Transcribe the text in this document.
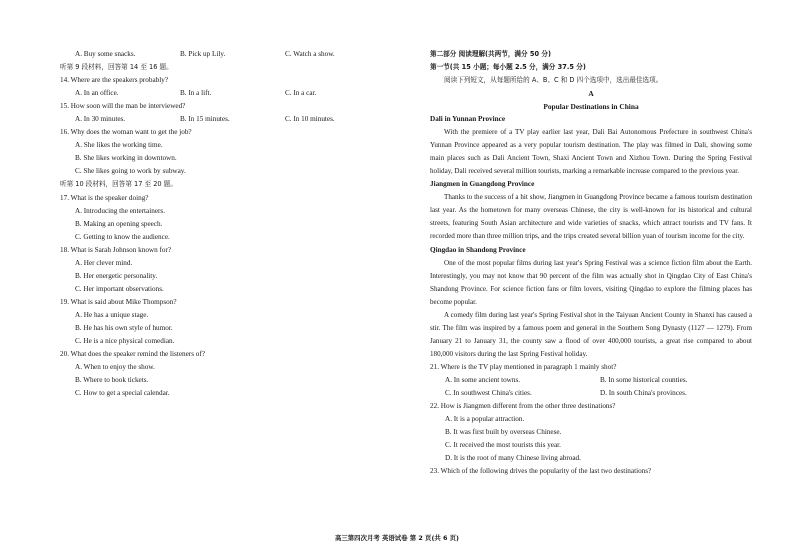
A. Buy some snacks.	B. Pick up Lily.	C. Watch a show.
听第 9 段材料，回答第 14 至 16 题。
14. Where are the speakers probably?
A. In an office.	B. In a lift.	C. In a car.
15. How soon will the man be interviewed?
A. In 30 minutes.	B. In 15 minutes.	C. In 10 minutes.
16. Why does the woman want to get the job?
A. She likes the working time.
B. She likes working in downtown.
C. She likes going to work by subway.
听第 10 段材料，回答第 17 至 20 题。
17. What is the speaker doing?
A. Introducing the entertainers.
B. Making an opening speech.
C. Getting to know the audience.
18. What is Sarah Johnson known for?
A. Her clever mind.
B. Her energetic personality.
C. Her important observations.
19. What is said about Mike Thompson?
A. He has a unique stage.
B. He has his own style of humor.
C. He is a nice physical comedian.
20. What does the speaker remind the listeners of?
A. When to enjoy the show.
B. Where to book tickets.
C. How to get a special calendar.
第二部分 阅读理解(共两节，满分 50 分)
第一节(共 15 小题；每小题 2.5 分，满分 37.5 分)
阅读下列短文，从每题所给的 A、B、C 和 D 四个选项中，选出最佳选项。
A
Popular Destinations in China
Dali in Yunnan Province
With the premiere of a TV play earlier last year, Dali Bai Autonomous Prefecture in southwest China's Yunnan Province appeared as a very popular tourism destination. The play was filmed in Dali, showing some main places such as Dali Ancient Town, Shaxi Ancient Town and Xizhou Town. During the Spring Festival holiday, Dali received several million tourists, marking a remarkable increase compared to the previous year.
Jiangmen in Guangdong Province
Thanks to the success of a hit show, Jiangmen in Guangdong Province became a famous tourism destination last year. As the hometown for many overseas Chinese, the city is well-known for its historical and cultural streets, featuring South Asian architecture and wide varieties of snacks, which attract tourists and TV fans. It recorded more than three million trips, and the trips created several billion yuan of tourism income for the city.
Qingdao in Shandong Province
One of the most popular films during last year's Spring Festival was a science fiction film about the Earth. Interestingly, you may not know that 90 percent of the film was actually shot in Qingdao City of East China's Shandong Province. For science fiction fans or film lovers, visiting Qingdao to explore the filming places has become popular.
A comedy film during last year's Spring Festival shot in the Taiyuan Ancient County in Shanxi has caused a stir. The film was inspired by a famous poem and general in the Southern Song Dynasty (1127 — 1279). From January 21 to January 31, the county saw a flood of over 400,000 tourists, a great rise compared to about 180,000 visitors during the last Spring Festival holiday.
21. Where is the TV play mentioned in paragraph 1 mainly shot?
A. In some ancient towns.	B. In some historical counties.
C. In southwest China's cities.	D. In south China's provinces.
22. How is Jiangmen different from the other three destinations?
A. It is a popular attraction.
B. It was first built by overseas Chinese.
C. It received the most tourists this year.
D. It is the root of many Chinese living abroad.
23. Which of the following drives the popularity of the last two destinations?
高三第四次月考 英语试卷 第 2 页(共 6 页)
